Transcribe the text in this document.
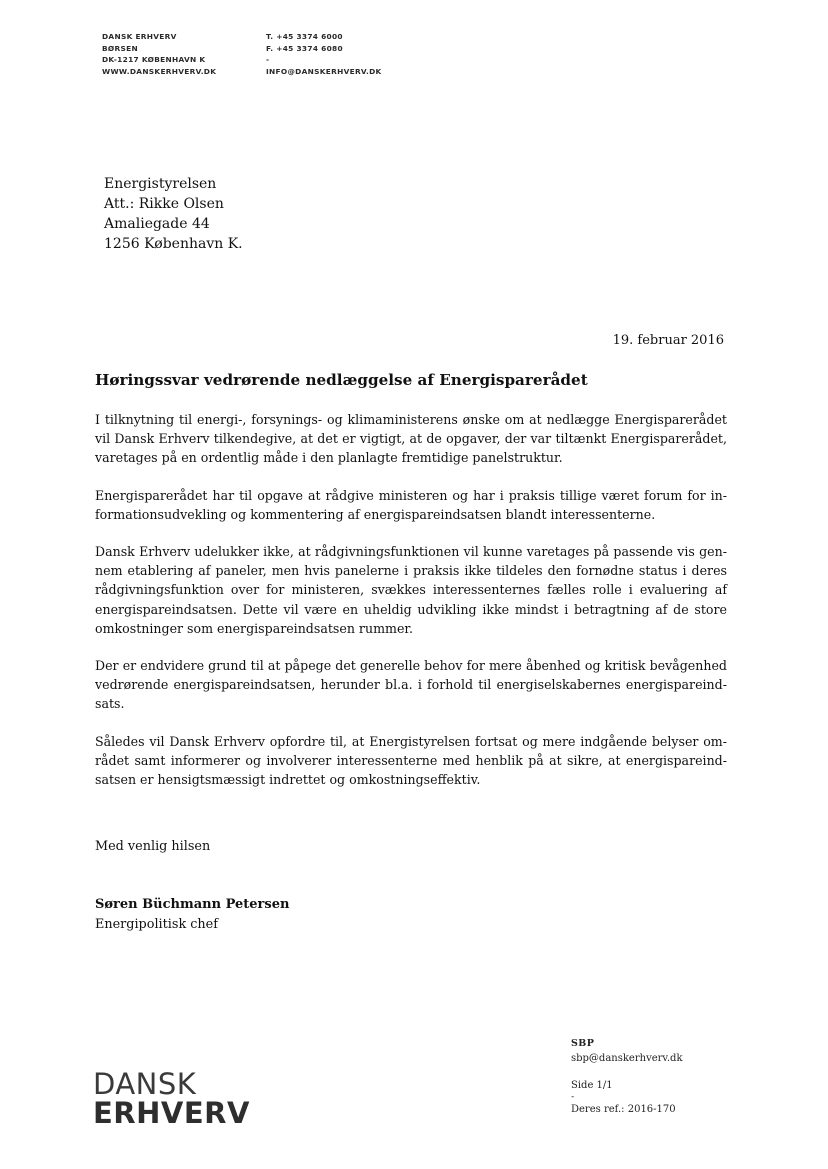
DANSK ERHVERV
BØRSEN
DK-1217 KØBENHAVN K
WWW.DANSKERHVERV.DK
T. +45 3374 6000
F. +45 3374 6080
-
INFO@DANSKERHVERV.DK
Energistyrelsen
Att.: Rikke Olsen
Amaliegade 44
1256 København K.
19. februar 2016
Høringssvar vedrørende nedlæggelse af Energisparerådet
I tilknytning til energi-, forsynings- og klimaministerens ønske om at nedlægge Energisparerådet
vil Dansk Erhverv tilkendegive, at det er vigtigt, at de opgaver, der var tiltænkt Energisparerådet,
varetages på en ordentlig måde i den planlagte fremtidige panelstruktur.
Energisparerådet har til opgave at rådgive ministeren og har i praksis tillige været forum for in-
formationsudvekling og kommentering af energispareindsatsen blandt interessenterne.
Dansk Erhverv udelukker ikke, at rådgivningsfunktionen vil kunne varetages på passende vis gen-
nem etablering af paneler, men hvis panelerne i praksis ikke tildeles den fornødne status i deres
rådgivningsfunktion over for ministeren, svækkes interessenternes fælles rolle i evaluering af
energispareindsatsen. Dette vil være en uheldig udvikling ikke mindst i betragtning af de store
omkostninger som energispareindsatsen rummer.
Der er endvidere grund til at påpege det generelle behov for mere åbenhed og kritisk bevågenhed
vedrørende energispareindsatsen, herunder bl.a. i forhold til energiselskabernes energispareind-
sats.
Således vil Dansk Erhverv opfordre til, at Energistyrelsen fortsat og mere indgående belyser om-
rådet samt informerer og involverer interessenterne med henblik på at sikre, at energispareind-
satsen er hensigtsmæssigt indrettet og omkostningseffektiv.
Med venlig hilsen
Søren Büchmann Petersen
Energipolitisk chef
SBP
sbp@danskerhverv.dk
Side 1/1
-
Deres ref.: 2016-170
DANSK
ERHVERV
